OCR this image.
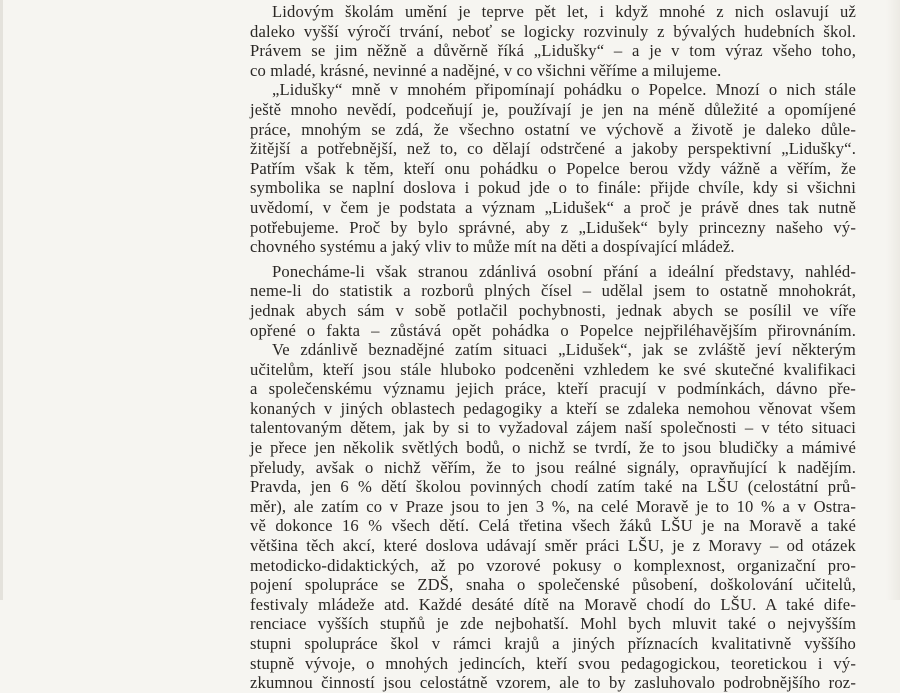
Lidovým školám umění je teprve pět let, i když mnohé z nich oslavují už
daleko vyšší výročí trvání, neboť se logicky rozvinuly z bývalých hudebních škol.
Právem se jim něžně a důvěrně říká „Lidušky“ – a je v tom výraz všeho toho,
co mladé, krásné, nevinné a nadějné, v co všichni věříme a milujeme.
„Lidušky“ mně v mnohém připomínají pohádku o Popelce. Mnozí o nich stále
ještě mnoho nevědí, podceňují je, používají je jen na méně důležité a opomíjené
práce, mnohým se zdá, že všechno ostatní ve výchově a životě je daleko důle-
žitější a potřebnější, než to, co dělají odstrčené a jakoby perspektivní „Lidušky“.
Patřím však k těm, kteří onu pohádku o Popelce berou vždy vážně a věřím, že
symbolika se naplní doslova i pokud jde o to finále: přijde chvíle, kdy si všichni
uvědomí, v čem je podstata a význam „Lidušek“ a proč je právě dnes tak nutně
potřebujeme. Proč by bylo správné, aby z „Lidušek“ byly princezny našeho vý-
chovného systému a jaký vliv to může mít na děti a dospívající mládež.
Ponecháme-li však stranou zdánlivá osobní přání a ideální představy, nahléd-
neme-li do statistik a rozborů plných čísel – udělal jsem to ostatně mnohokrát,
jednak abych sám v sobě potlačil pochybnosti, jednak abych se posílil ve víře
opřené o fakta – zůstává opět pohádka o Popelce nejpřiléhavějším přirovnáním.
Ve zdánlivě beznadějné zatím situaci „Lidušek“, jak se zvláště jeví některým
učitelům, kteří jsou stále hluboko podceněni vzhledem ke své skutečné kvalifikaci
a společenskému významu jejich práce, kteří pracují v podmínkách, dávno pře-
konaných v jiných oblastech pedagogiky a kteří se zdaleka nemohou věnovat všem
talentovaným dětem, jak by si to vyžadoval zájem naší společnosti – v této situaci
je přece jen několik světlých bodů, o nichž se tvrdí, že to jsou bludičky a mámivé
přeludy, avšak o nichž věřím, že to jsou reálné signály, opravňující k nadějím.
Pravda, jen 6 % dětí školou povinných chodí zatím také na LŠU (celostátní prů-
měr), ale zatím co v Praze jsou to jen 3 %, na celé Moravě je to 10 % a v Ostra-
vě dokonce 16 % všech dětí. Celá třetina všech žáků LŠU je na Moravě a také
většina těch akcí, které doslova udávají směr práci LŠU, je z Moravy – od otázek
metodicko-didaktických, až po vzorové pokusy o komplexnost, organizační pro-
pojení spolupráce se ZDŠ, snaha o společenské působení, doškolování učitelů,
festivaly mládeže atd. Každé desáté dítě na Moravě chodí do LŠU. A také dife-
renciace vyšších stupňů je zde nejbohatší. Mohl bych mluvit také o nejvyšším
stupni spolupráce škol v rámci krajů a jiných příznacích kvalitativně vyššího
stupně vývoje, o mnohých jedincích, kteří svou pedagogickou, teoretickou i vý-
zkumnou činností jsou celostátně vzorem, ale to by zasluhovalo podrobnějšího roz-
